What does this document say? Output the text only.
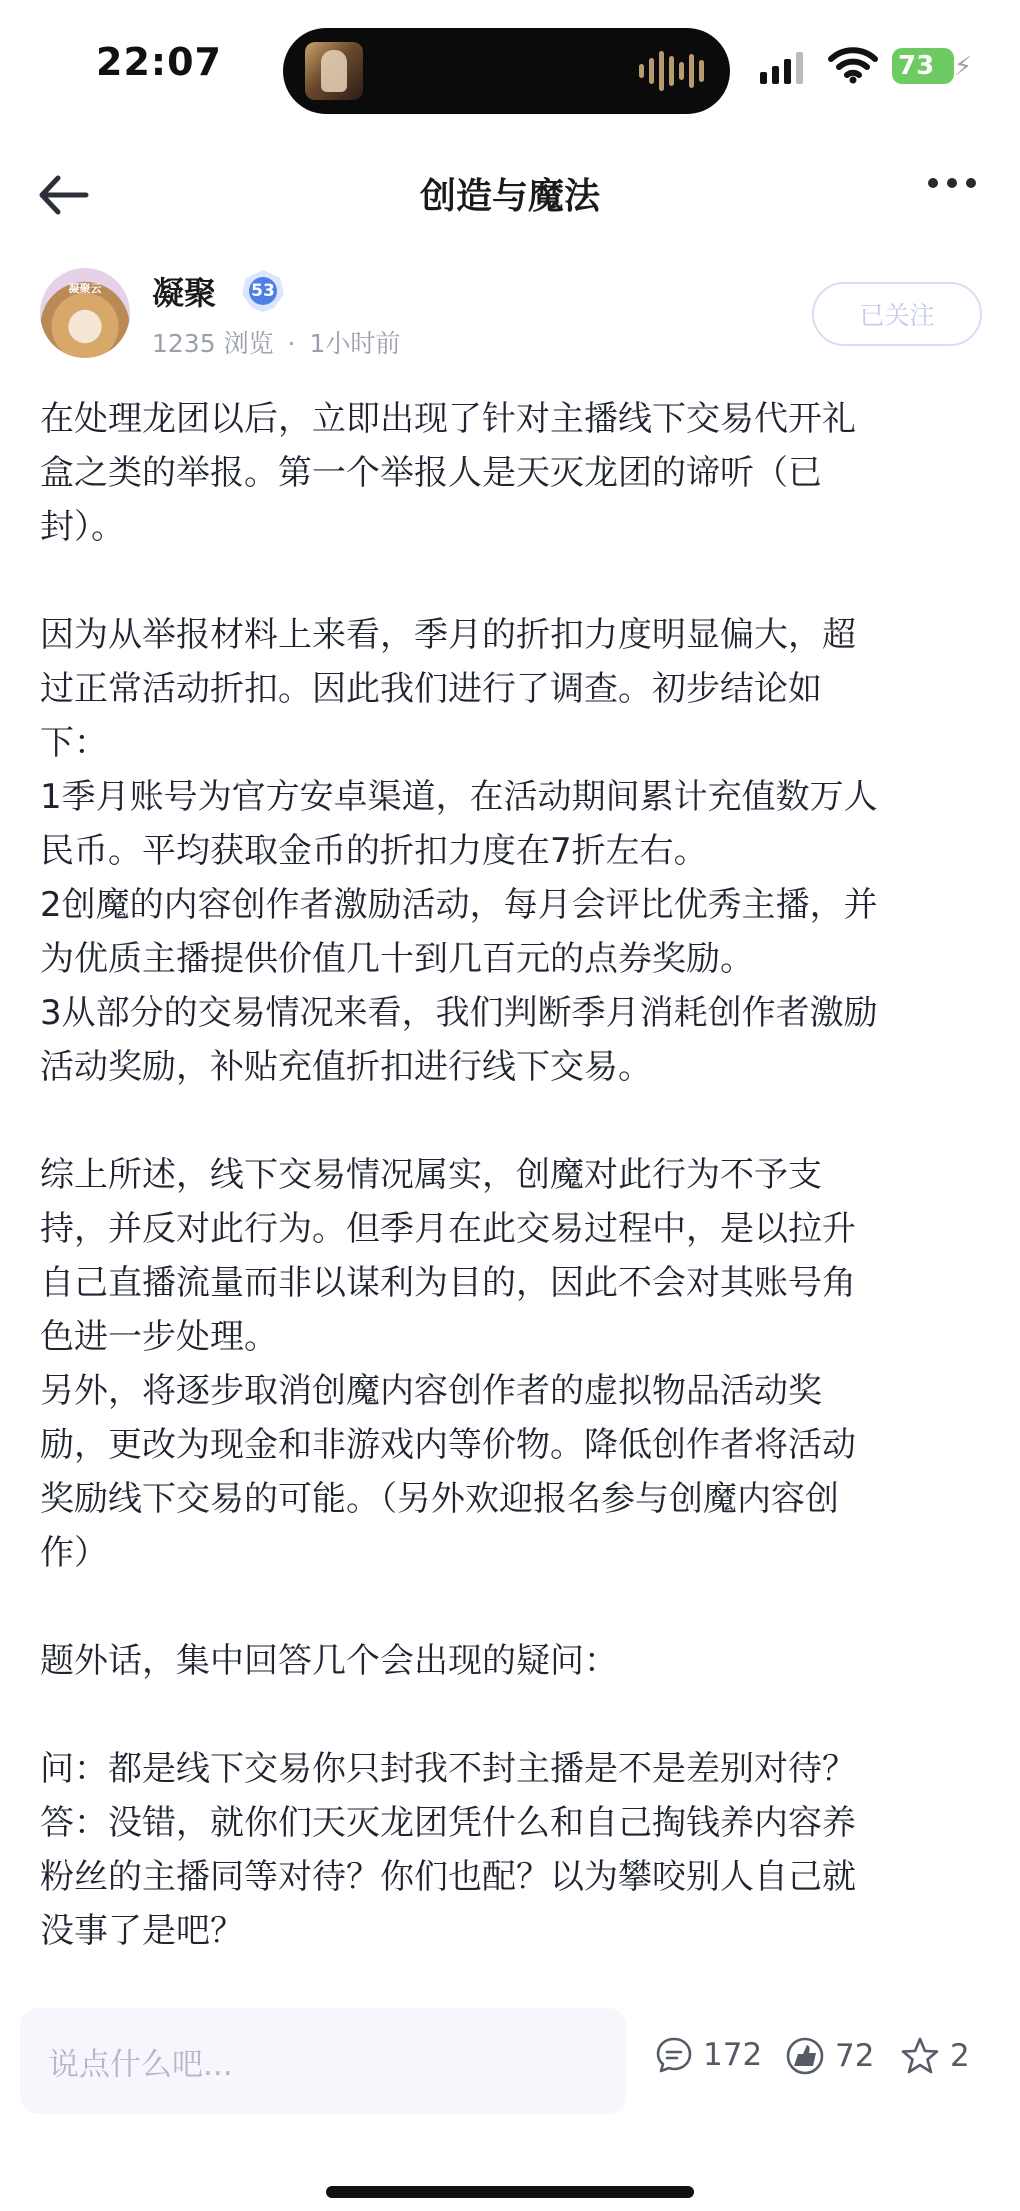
22:07	73 ⚡
创造与魔法
凝聚云	凝聚	53
1235 浏览 · 1小时前
已关注

在处理龙团以后，立即出现了针对主播线下交易代开礼

盒之类的举报。第一个举报人是天灭龙团的谛听（已

封）。

因为从举报材料上来看，季月的折扣力度明显偏大，超

过正常活动折扣。因此我们进行了调查。初步结论如

下：

1季月账号为官方安卓渠道，在活动期间累计充值数万人

民币。平均获取金币的折扣力度在7折左右。

2创魔的内容创作者激励活动，每月会评比优秀主播，并

为优质主播提供价值几十到几百元的点券奖励。

3从部分的交易情况来看，我们判断季月消耗创作者激励

活动奖励，补贴充值折扣进行线下交易。

综上所述，线下交易情况属实，创魔对此行为不予支

持，并反对此行为。但季月在此交易过程中，是以拉升

自己直播流量而非以谋利为目的，因此不会对其账号角

色进一步处理。

另外，将逐步取消创魔内容创作者的虚拟物品活动奖

励，更改为现金和非游戏内等价物。降低创作者将活动

奖励线下交易的可能。（另外欢迎报名参与创魔内容创

作）

题外话，集中回答几个会出现的疑问：

问：都是线下交易你只封我不封主播是不是差别对待？

答：没错，就你们天灭龙团凭什么和自己掏钱养内容养

粉丝的主播同等对待？你们也配？以为攀咬别人自己就

没事了是吧？

说点什么吧...	172 72 2
